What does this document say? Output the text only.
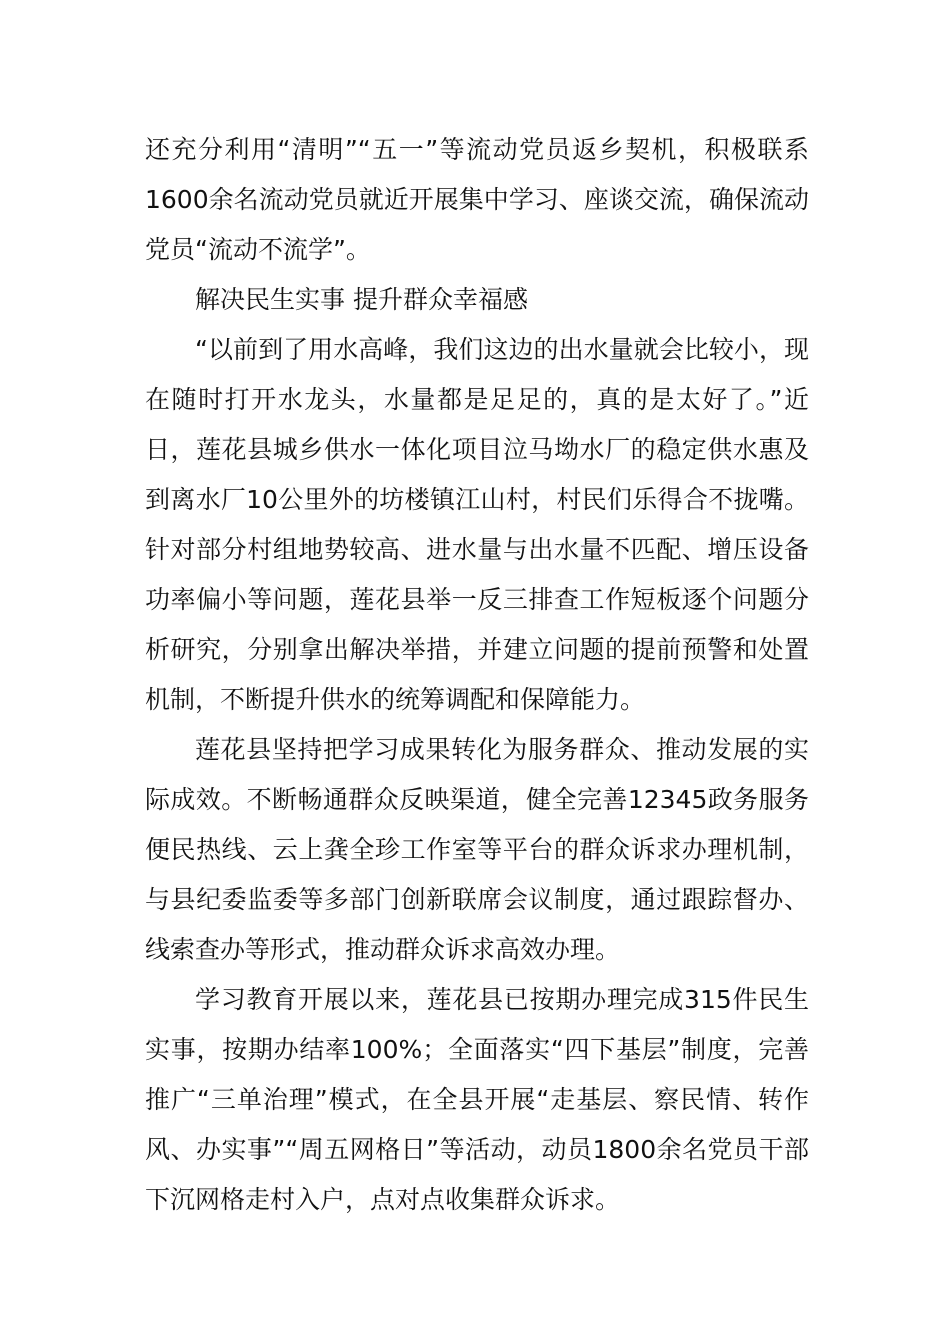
还充分利用“清明”“五一”等流动党员返乡契机，积极联系1600余名流动党员就近开展集中学习、座谈交流，确保流动党员“流动不流学”。

解决民生实事 提升群众幸福感

“以前到了用水高峰，我们这边的出水量就会比较小，现在随时打开水龙头，水量都是足足的，真的是太好了。”近日，莲花县城乡供水一体化项目泣马坳水厂的稳定供水惠及到离水厂10公里外的坊楼镇江山村，村民们乐得合不拢嘴。针对部分村组地势较高、进水量与出水量不匹配、增压设备功率偏小等问题，莲花县举一反三排查工作短板逐个问题分析研究，分别拿出解决举措，并建立问题的提前预警和处置机制，不断提升供水的统筹调配和保障能力。

莲花县坚持把学习成果转化为服务群众、推动发展的实际成效。不断畅通群众反映渠道，健全完善12345政务服务便民热线、云上龚全珍工作室等平台的群众诉求办理机制，与县纪委监委等多部门创新联席会议制度，通过跟踪督办、线索查办等形式，推动群众诉求高效办理。

学习教育开展以来，莲花县已按期办理完成315件民生实事，按期办结率100%；全面落实“四下基层”制度，完善推广“三单治理”模式，在全县开展“走基层、察民情、转作风、办实事”“周五网格日”等活动，动员1800余名党员干部下沉网格走村入户，点对点收集群众诉求。
